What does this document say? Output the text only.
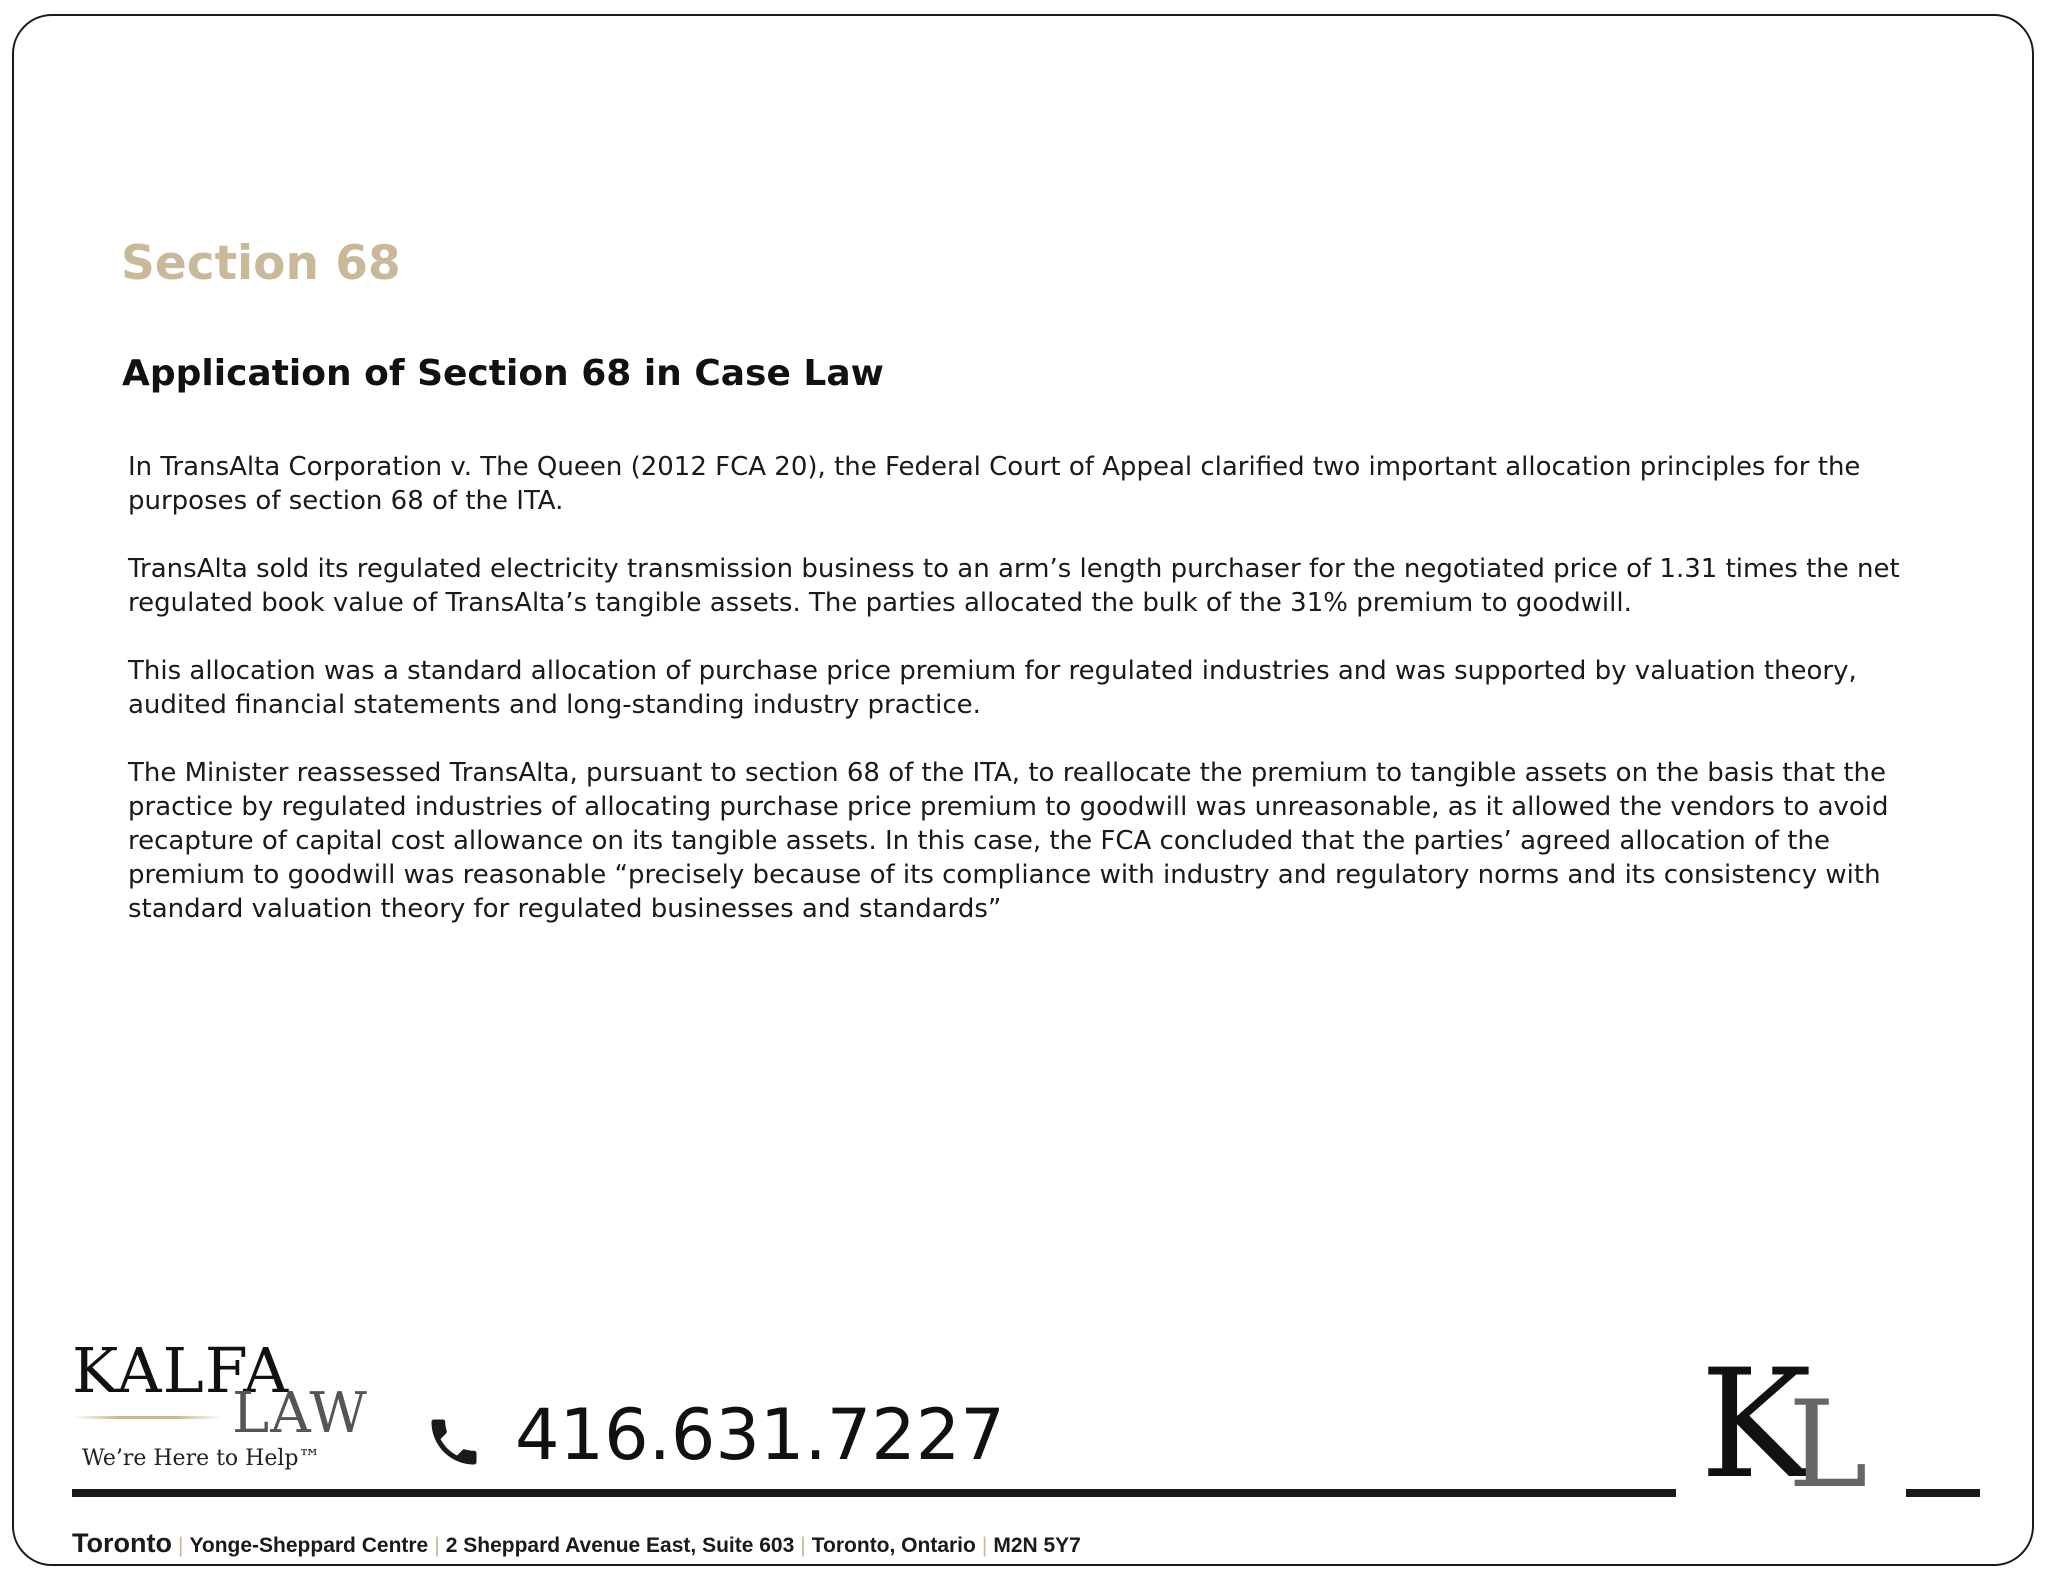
Section 68
Application of Section 68 in Case Law

In TransAlta Corporation v. The Queen (2012 FCA 20), the Federal Court of Appeal clarified two important allocation principles for the purposes of section 68 of the ITA.

TransAlta sold its regulated electricity transmission business to an arm’s length purchaser for the negotiated price of 1.31 times the net regulated book value of TransAlta’s tangible assets. The parties allocated the bulk of the 31% premium to goodwill.

This allocation was a standard allocation of purchase price premium for regulated industries and was supported by valuation theory, audited financial statements and long-standing industry practice.

The Minister reassessed TransAlta, pursuant to section 68 of the ITA, to reallocate the premium to tangible assets on the basis that the practice by regulated industries of allocating purchase price premium to goodwill was unreasonable, as it allowed the vendors to avoid recapture of capital cost allowance on its tangible assets. In this case, the FCA concluded that the parties’ agreed allocation of the premium to goodwill was reasonable “precisely because of its compliance with industry and regulatory norms and its consistency with standard valuation theory for regulated businesses and standards”

KALFA
LAW
We’re Here to Help™	416.631.7227	K
L
Toronto | Yonge-Sheppard Centre | 2 Sheppard Avenue East, Suite 603 | Toronto, Ontario | M2N 5Y7
